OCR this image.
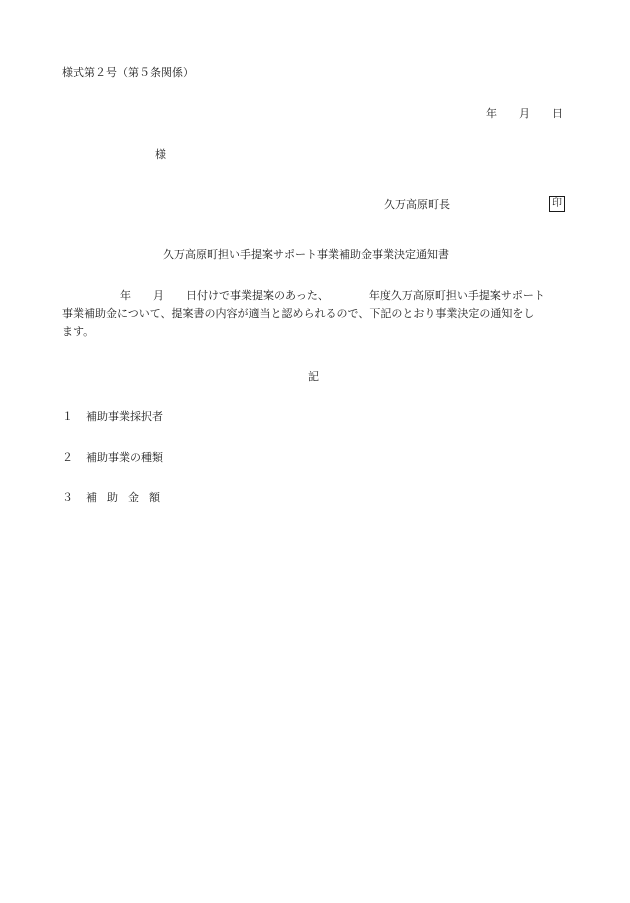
様式第２号（第５条関係）
年 月 日
様
久万高原町長	印
久万高原町担い手提案サポート事業補助金事業決定通知書
年 月 日付けで事業提案のあった、	年度久万高原町担い手提案サポート
事業補助金について、提案書の内容が適当と認められるので、下記のとおり事業決定の通知をし
ます。
記
１ 補助事業採択者
２ 補助事業の種類
３ 補助金額
